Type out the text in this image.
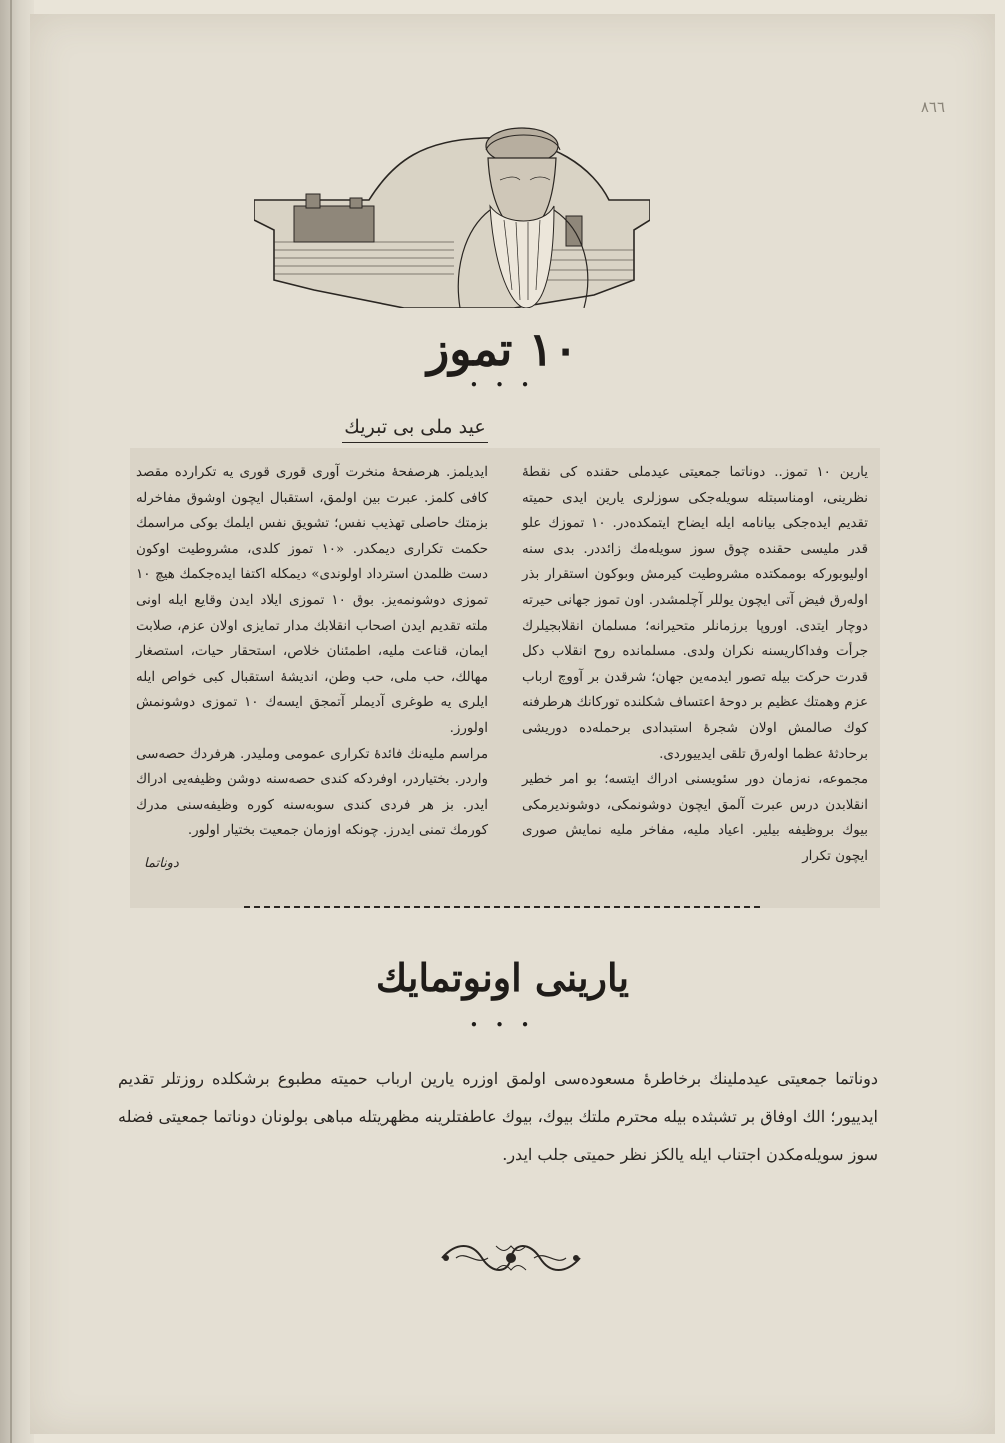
٨٦٦
۱۰ تموز
• • •
عید ملی بی تبریك

یارین ۱۰ تموز.. دوناتما جمعیتی عیدملی حقنده کی نقطهٔ نظرینی، اومناسبتله سویله‌جکی سوزلری یارین ایدی حمیته تقدیم ایده‌جکی بیانامه ایله ایضاح ایتمکده‌در. ۱۰ تموزك علو قدر ملیسی حقنده چوق سوز سویله‌مك زائددر. بدی سنه اولیوبوركه بوممکتده مشروطیت کیرمش وبوکون استقرار بذر اوله‌رق فیض آتی ایچون یوللر آچلمشدر. اون تموز جهانی حیرته دوچار ایتدی. اوروپا برزمانلر متحیرانه؛ مسلمان انقلابجیلرك جرأت وفداکاریسنه نکران ولدی. مسلمانده روح انقلاب دکل قدرت حرکت بیله تصور ایدمه‌ین جهان؛ شرقدن بر آووچ ارباب عزم وهمتك عظیم بر دوحهٔ اعتساف شکلنده تورکانك هرطرفنه کوك صالمش اولان شجرهٔ استبدادی برحمله‌ده دوریشی برحادثهٔ عظما اوله‌رق تلقی ایدییوردی.

مجموعه، نه‌زمان دور سئویسنی ادراك ایتسه؛ بو امر خطیر انقلابدن درس عبرت آلمق ایچون دوشونمکی، دوشوندیرمکی بیوك بروظیفه بیلیر. اعیاد ملیه، مفاخر ملیه نمایش صوری ایچون تکرار

ایدیلمز. هرصفحهٔ منخرت آوری قوری قوری یه تکرارده مقصد کافی کلمز. عبرت بین اولمق، استقبال ایچون اوشوق مفاخرله بزمتك حاصلی تهذیب نفس؛ تشویق نفس ایلمك بوکی مراسمك حکمت تکراری دیمکدر. «۱۰ تموز کلدی، مشروطیت اوکون دست ظلمدن استرداد اولوندی» دیمکله اکتفا ایده‌جکمك هیچ ۱۰ تموزی دوشونمه‌یز. بوق ۱۰ تموزی ایلاد ایدن وقایع ایله اونی ملته تقدیم ایدن اصحاب انقلابك مدار تمایزی اولان عزم، صلابت ایمان، قناعت ملیه، اطمئنان خلاص، استحقار حیات، استصغار مهالك، حب ملی، حب وطن، اندیشهٔ استقبال کبی خواص ایله ایلری یه طوغری آدیملر آتمجق ایسه‌ك ۱۰ تموزی دوشونمش اولورز.

مراسم ملیه‌نك فائدهٔ تکراری عمومی وملیدر. هرفردك حصه‌سی واردر. بختیاردر، اوفردکه کندی حصه‌سنه دوشن وظیفه‌یی ادراك ایدر. بز هر فردی کندی سوبه‌سنه کوره وظیفه‌سنی مدرك کورمك تمنی ایدرز. چونکه اوزمان جمعیت بختیار اولور.

دوناتما
یارینی اونوتمایك
• • •

دوناتما جمعیتی عیدملینك برخاطرهٔ مسعوده‌سی اولمق اوزره یارین ارباب حمیته مطبوع برشکلده روزتلر تقدیم ایدییور؛ الك اوفاق بر تشبثده بیله محترم ملتك بیوك، بیوك عاطفتلرینه مظهریتله مباهی بولونان دوناتما جمعیتی فضله سوز سویله‌مکدن اجتناب ایله یالکز نظر حمیتی جلب ایدر.
